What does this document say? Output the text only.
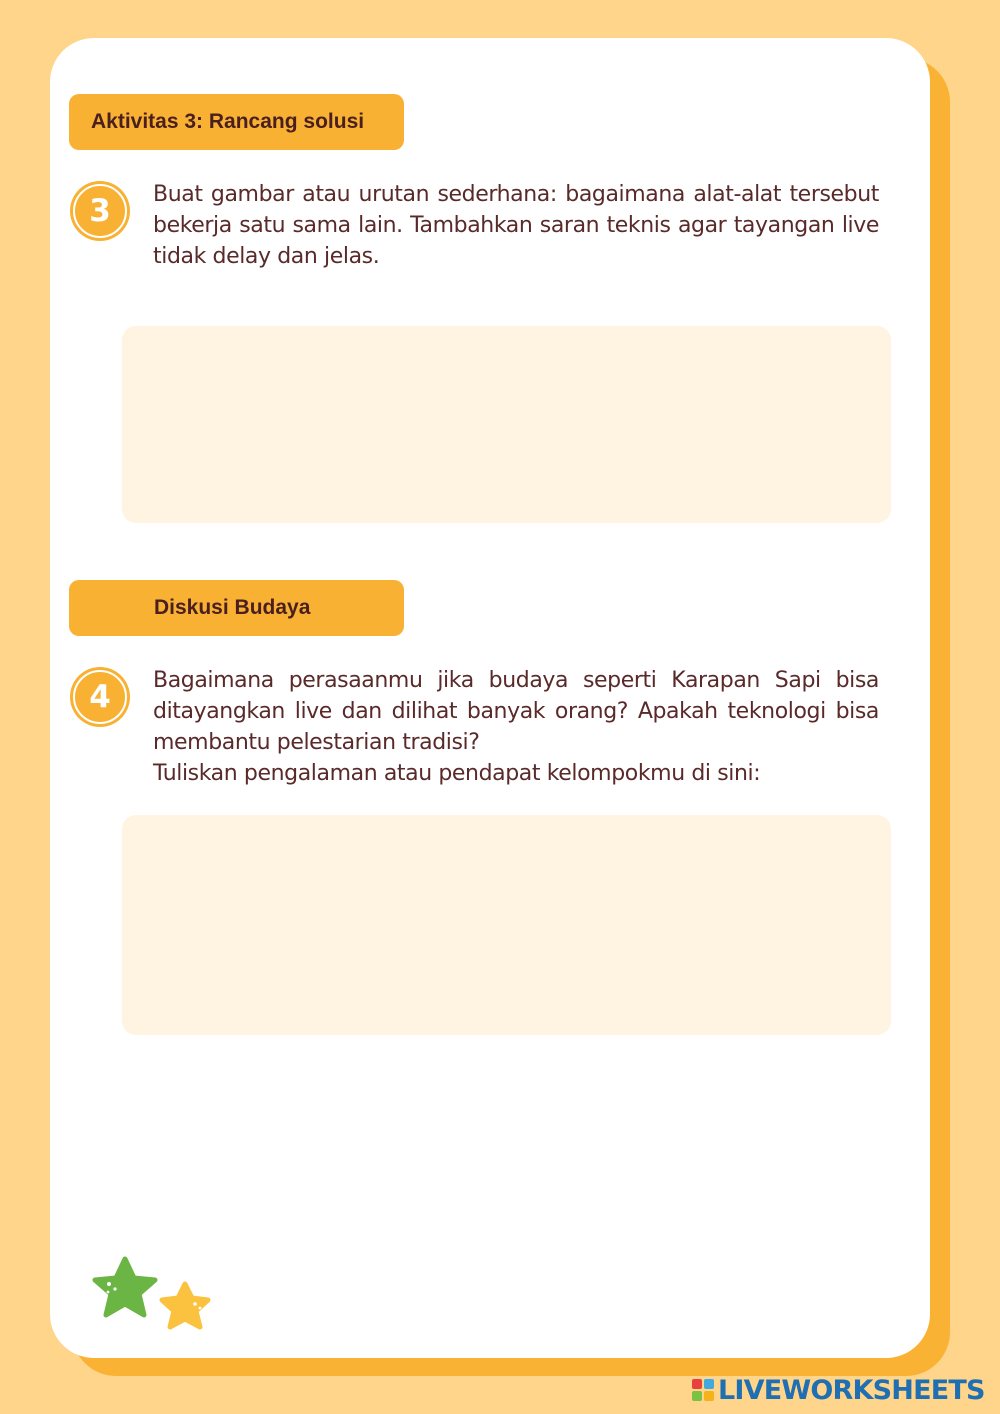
Aktivitas 3: Rancang solusi
3 Buat gambar atau urutan sederhana: bagaimana alat-alat tersebut bekerja satu sama lain. Tambahkan saran teknis agar tayangan live tidak delay dan jelas.
Diskusi Budaya
4 Bagaimana perasaanmu jika budaya seperti Karapan Sapi bisa ditayangkan live dan dilihat banyak orang? Apakah teknologi bisa membantu pelestarian tradisi?
Tuliskan pengalaman atau pendapat kelompokmu di sini:
LIVEWORKSHEETS
